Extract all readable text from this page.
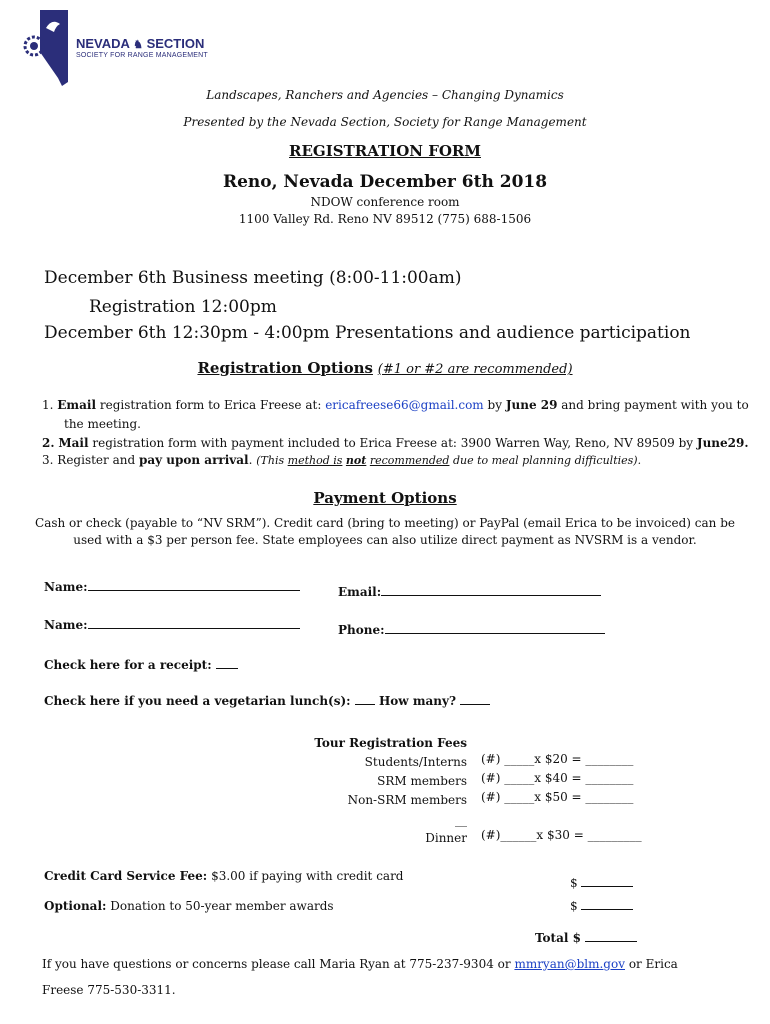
NEVADA ♞ SECTION
SOCIETY FOR RANGE MANAGEMENT
Landscapes, Ranchers and Agencies – Changing Dynamics
Presented by the Nevada Section, Society for Range Management
REGISTRATION FORM
Reno, Nevada December 6th 2018
NDOW conference room
1100 Valley Rd. Reno NV 89512 (775) 688-1506
December 6th Business meeting (8:00-11:00am)
Registration 12:00pm
December 6th 12:30pm - 4:00pm Presentations and audience participation
Registration Options (#1 or #2 are recommended)
1. Email registration form to Erica Freese at: ericafreese66@gmail.com by June 29 and bring payment with you to
the meeting.
2. Mail registration form with payment included to Erica Freese at: 3900 Warren Way, Reno, NV 89509 by June29.
3. Register and pay upon arrival. (This method is not recommended due to meal planning difficulties).
Payment Options
Cash or check (payable to “NV SRM”). Credit card (bring to meeting) or PayPal (email Erica to be invoiced) can be
used with a $3 per person fee. State employees can also utilize direct payment as NVSRM is a vendor.
Name:	Email:
Name:	Phone:
Check here for a receipt:
Check here if you need a vegetarian lunch(s): How many?
Tour Registration Fees
Students/Interns (#) _____x $20 = ________
SRM members (#) _____x $40 = ________
Non-SRM members (#) _____x $50 = ________
__
Dinner (#)______x $30 = _________
Credit Card Service Fee: $3.00 if paying with credit card	$
Optional: Donation to 50-year member awards	$
Total $
If you have questions or concerns please call Maria Ryan at 775-237-9304 or mmryan@blm.gov or Erica
Freese 775-530-3311.
